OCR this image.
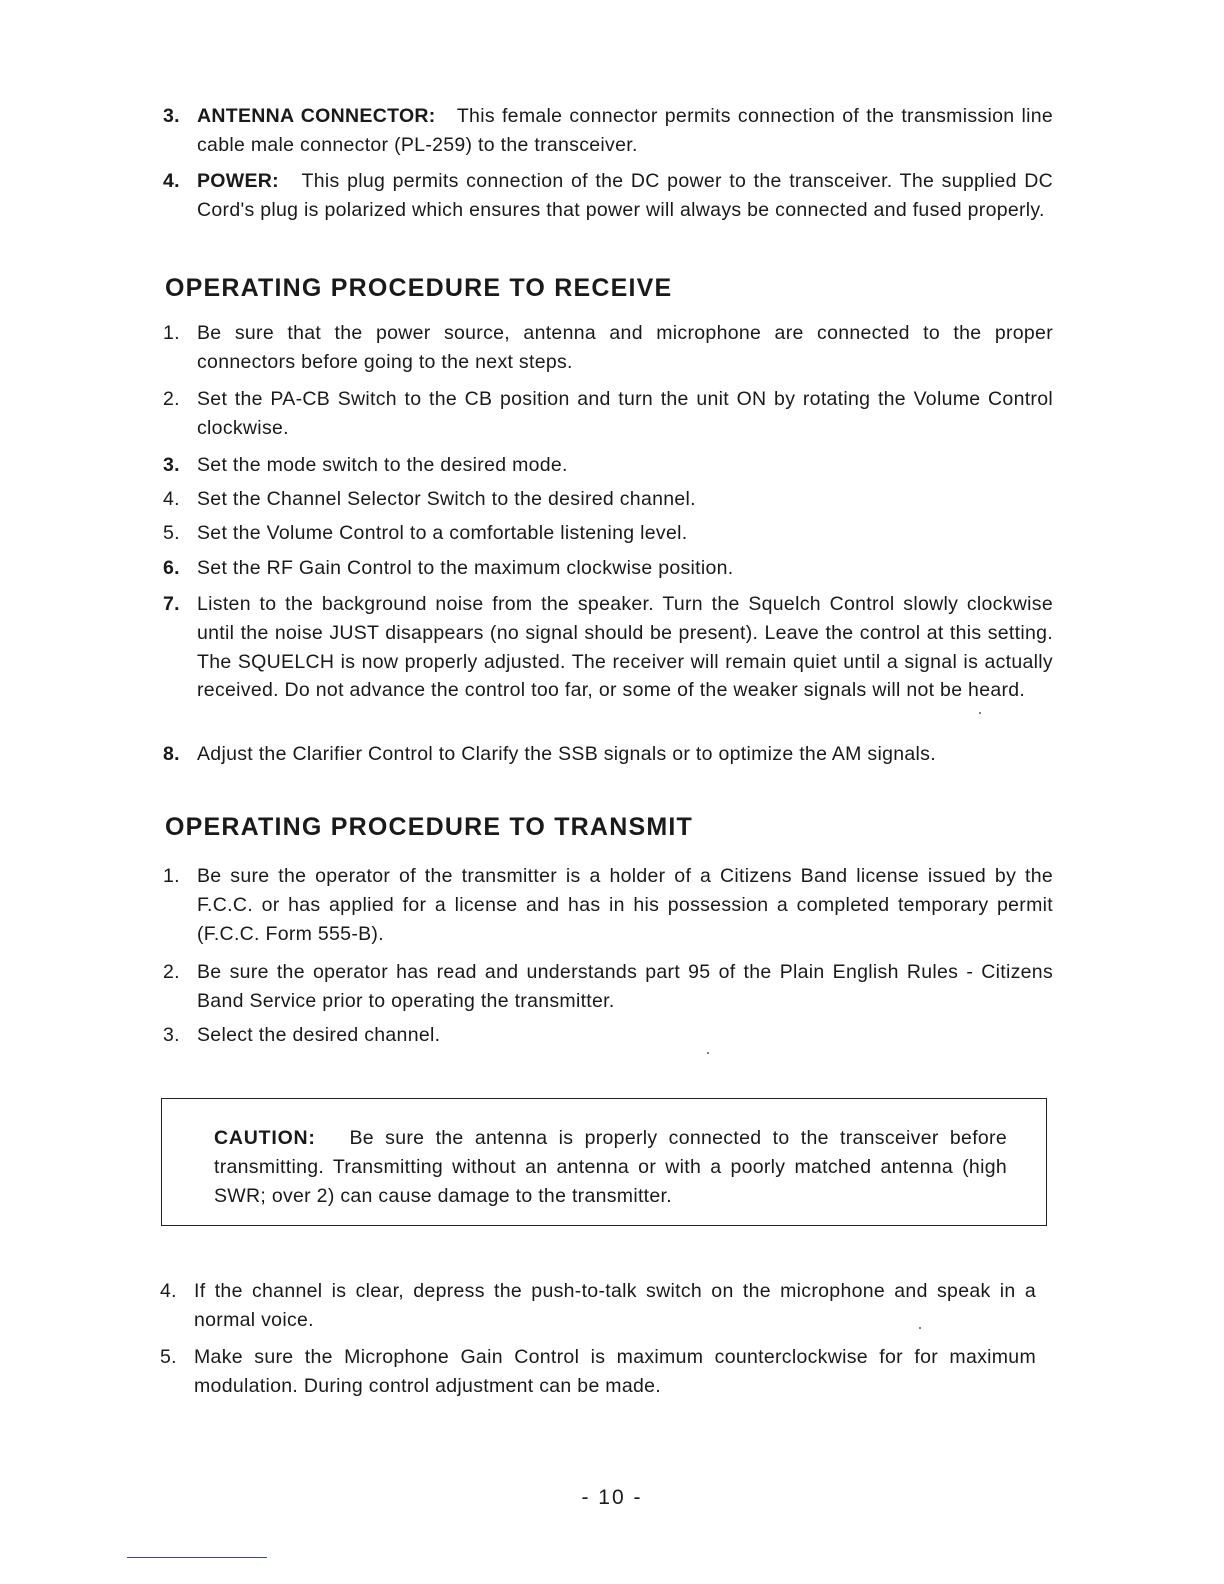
3. ANTENNA CONNECTOR: This female connector permits connection of the transmission line cable male connector (PL-259) to the transceiver.
4. POWER: This plug permits connection of the DC power to the transceiver. The supplied DC Cord's plug is polarized which ensures that power will always be connected and fused properly.
OPERATING PROCEDURE TO RECEIVE
1. Be sure that the power source, antenna and microphone are connected to the proper connectors before going to the next steps.
2. Set the PA-CB Switch to the CB position and turn the unit ON by rotating the Volume Control clockwise.
3. Set the mode switch to the desired mode.
4. Set the Channel Selector Switch to the desired channel.
5. Set the Volume Control to a comfortable listening level.
6. Set the RF Gain Control to the maximum clockwise position.
7. Listen to the background noise from the speaker. Turn the Squelch Control slowly clockwise until the noise JUST disappears (no signal should be present). Leave the control at this setting. The SQUELCH is now properly adjusted. The receiver will remain quiet until a signal is actually received. Do not advance the control too far, or some of the weaker signals will not be heard.
8. Adjust the Clarifier Control to Clarify the SSB signals or to optimize the AM signals.
OPERATING PROCEDURE TO TRANSMIT
1. Be sure the operator of the transmitter is a holder of a Citizens Band license issued by the F.C.C. or has applied for a license and has in his possession a completed temporary permit (F.C.C. Form 555-B).
2. Be sure the operator has read and understands part 95 of the Plain English Rules - Citizens Band Service prior to operating the transmitter.
3. Select the desired channel.
CAUTION: Be sure the antenna is properly connected to the transceiver before transmitting. Transmitting without an antenna or with a poorly matched antenna (high SWR; over 2) can cause damage to the transmitter.
4. If the channel is clear, depress the push-to-talk switch on the microphone and speak in a normal voice.
5. Make sure the Microphone Gain Control is maximum counterclockwise for for maximum modulation. During control adjustment can be made.
- 10 -
